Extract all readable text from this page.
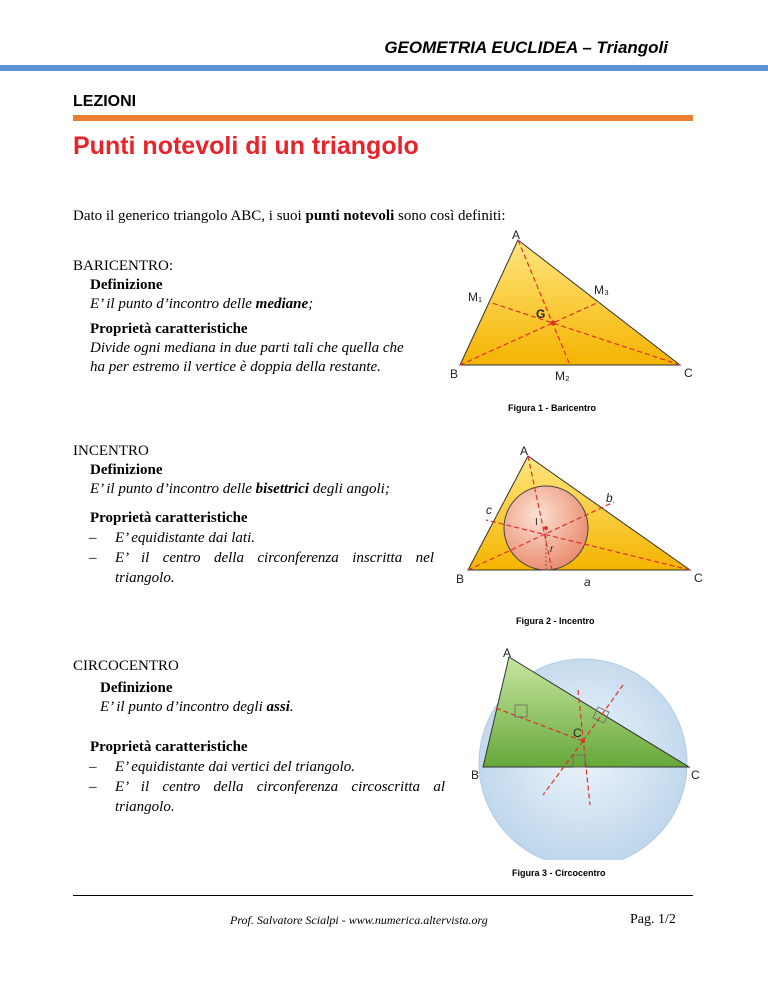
GEOMETRIA EUCLIDEA – Triangoli
LEZIONI
Punti notevoli di un triangolo
Dato il generico triangolo ABC, i suoi punti notevoli sono così definiti:
BARICENTRO:
Definizione
E’ il punto d’incontro delle mediane;
Proprietà caratteristiche
Divide ogni mediana in due parti tali che quella che
ha per estremo il vertice è doppia della restante.
A
B	C
M₁	M₃
M₂
G
Figura 1 - Baricentro
INCENTRO
Definizione
E’ il punto d’incontro delle bisettrici degli angoli;
Proprietà caratteristiche
–	E’ equidistante dai lati.
–	E’ il centro della circonferenza inscritta nel
triangolo.
A
B	C
a
b
c
I
r
Figura 2 - Incentro
CIRCOCENTRO
Definizione
E’ il punto d’incontro degli assi.
Proprietà caratteristiche
–	E’ equidistante dai vertici del triangolo.
–	E’ il centro della circonferenza circoscritta al
triangolo.
A
B	C
C
Figura 3 - Circocentro
Prof. Salvatore Scialpi - www.numerica.altervista.org	Pag. 1/2
